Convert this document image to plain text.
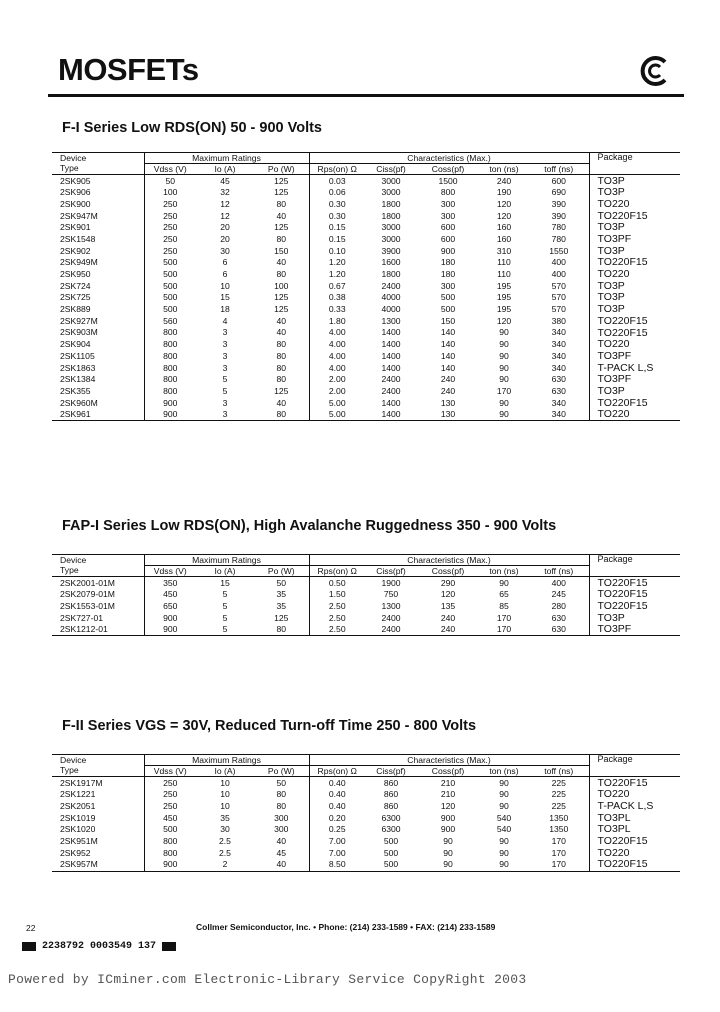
MOSFETs
F-I Series Low RDS(ON) 50 - 900 Volts
Device	Maximum Ratings			Characteristics (Max.)					Package
Type	Vdss (V)	Io (A)	Po (W)	Rps(on) Ω	Ciss(pf)	Coss(pf)	ton (ns)	toff (ns)	
2SK905	50	45	125	0.03	3000	1500	240	600	TO3P
2SK906	100	32	125	0.06	3000	800	190	690	TO3P
2SK900	250	12	80	0.30	1800	300	120	390	TO220
2SK947M	250	12	40	0.30	1800	300	120	390	TO220F15
2SK901	250	20	125	0.15	3000	600	160	780	TO3P
2SK1548	250	20	80	0.15	3000	600	160	780	TO3PF
2SK902	250	30	150	0.10	3900	900	310	1550	TO3P
2SK949M	500	6	40	1.20	1600	180	110	400	TO220F15
2SK950	500	6	80	1.20	1800	180	110	400	TO220
2SK724	500	10	100	0.67	2400	300	195	570	TO3P
2SK725	500	15	125	0.38	4000	500	195	570	TO3P
2SK889	500	18	125	0.33	4000	500	195	570	TO3P
2SK927M	560	4	40	1.80	1300	150	120	380	TO220F15
2SK903M	800	3	40	4.00	1400	140	90	340	TO220F15
2SK904	800	3	80	4.00	1400	140	90	340	TO220
2SK1105	800	3	80	4.00	1400	140	90	340	TO3PF
2SK1863	800	3	80	4.00	1400	140	90	340	T-PACK L,S
2SK1384	800	5	80	2.00	2400	240	90	630	TO3PF
2SK355	800	5	125	2.00	2400	240	170	630	TO3P
2SK960M	900	3	40	5.00	1400	130	90	340	TO220F15
2SK961	900	3	80	5.00	1400	130	90	340	TO220
FAP-I Series Low RDS(ON), High Avalanche Ruggedness 350 - 900 Volts
Device	Maximum Ratings			Characteristics (Max.)					Package
Type	Vdss (V)	Io (A)	Po (W)	Rps(on) Ω	Ciss(pf)	Coss(pf)	ton (ns)	toff (ns)	
2SK2001-01M	350	15	50	0.50	1900	290	90	400	TO220F15
2SK2079-01M	450	5	35	1.50	750	120	65	245	TO220F15
2SK1553-01M	650	5	35	2.50	1300	135	85	280	TO220F15
2SK727-01	900	5	125	2.50	2400	240	170	630	TO3P
2SK1212-01	900	5	80	2.50	2400	240	170	630	TO3PF
F-II Series VGS = 30V, Reduced Turn-off Time 250 - 800 Volts
Device	Maximum Ratings			Characteristics (Max.)					Package
Type	Vdss (V)	Io (A)	Po (W)	Rps(on) Ω	Ciss(pf)	Coss(pf)	ton (ns)	toff (ns)	
2SK1917M	250	10	50	0.40	860	210	90	225	TO220F15
2SK1221	250	10	80	0.40	860	210	90	225	TO220
2SK2051	250	10	80	0.40	860	120	90	225	T-PACK L,S
2SK1019	450	35	300	0.20	6300	900	540	1350	TO3PL
2SK1020	500	30	300	0.25	6300	900	540	1350	TO3PL
2SK951M	800	2.5	40	7.00	500	90	90	170	TO220F15
2SK952	800	2.5	45	7.00	500	90	90	170	TO220
2SK957M	900	2	40	8.50	500	90	90	170	TO220F15
22	Collmer Semiconductor, Inc. • Phone: (214) 233-1589 • FAX: (214) 233-1589
2238792 0003549 137
Powered by ICminer.com Electronic-Library Service CopyRight 2003
